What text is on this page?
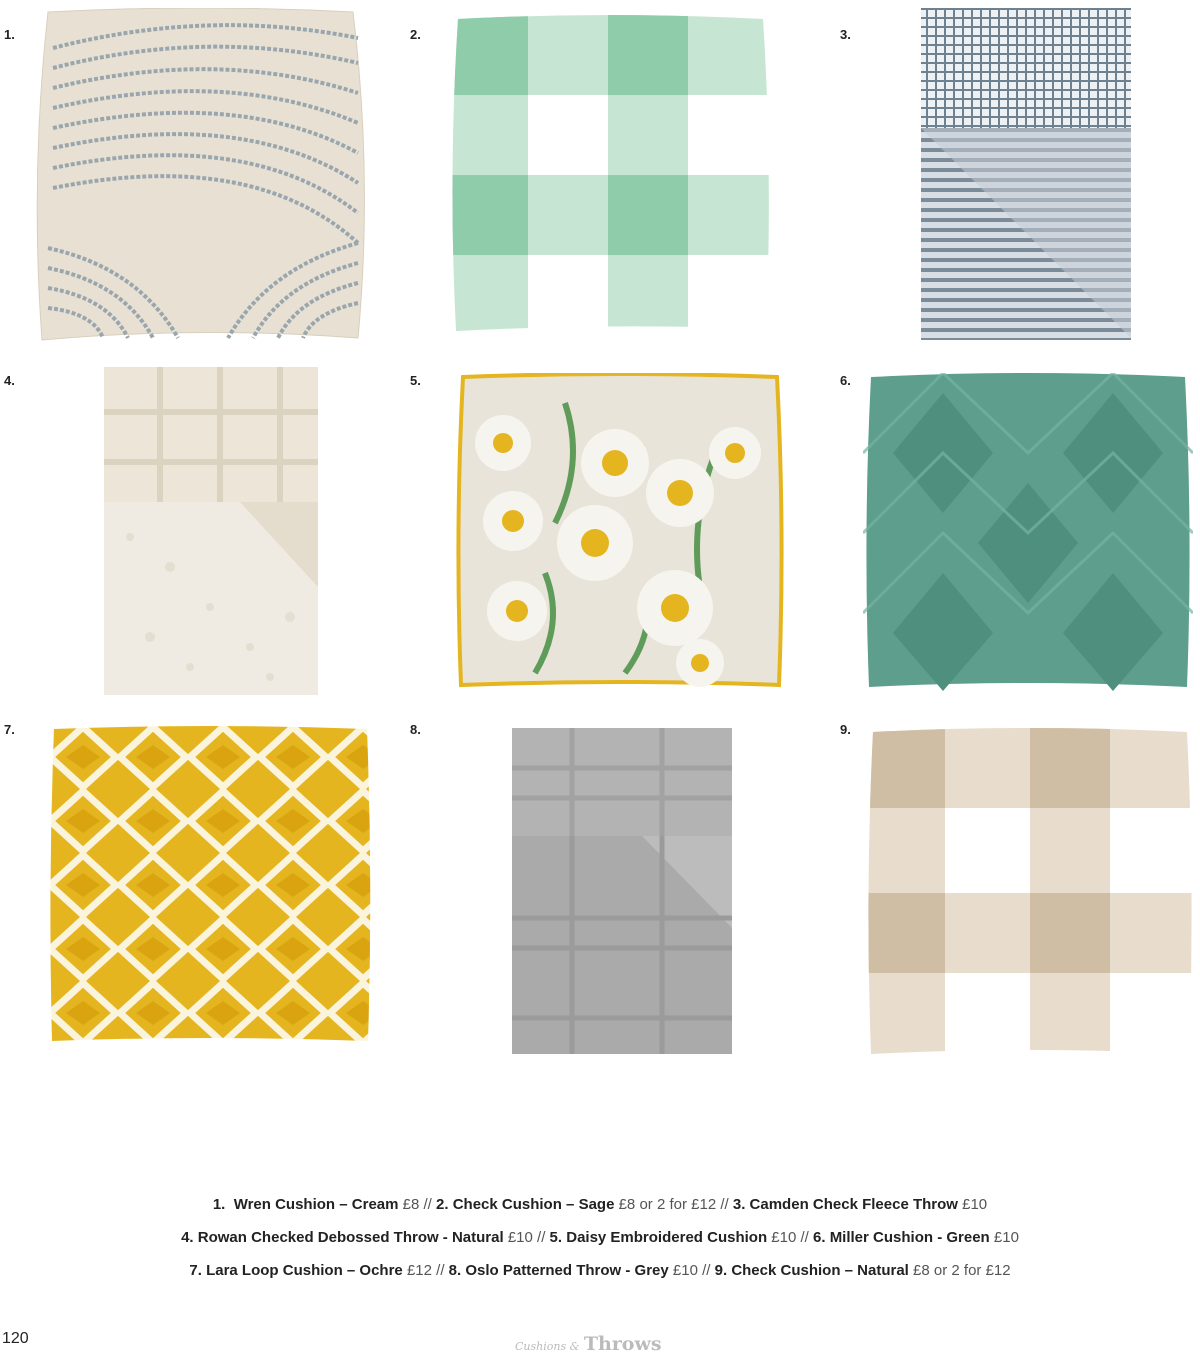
1.	2.	3.
4.	5.	6.
7.	8.	9.
1. Wren Cushion – Cream £8 // 2. Check Cushion – Sage £8 or 2 for £12 // 3. Camden Check Fleece Throw £10
4. Rowan Checked Debossed Throw - Natural £10 // 5. Daisy Embroidered Cushion £10 // 6. Miller Cushion - Green £10
7. Lara Loop Cushion – Ochre £12 // 8. Oslo Patterned Throw - Grey £10 // 9. Check Cushion – Natural £8 or 2 for £12
120	Cushions & Throws
